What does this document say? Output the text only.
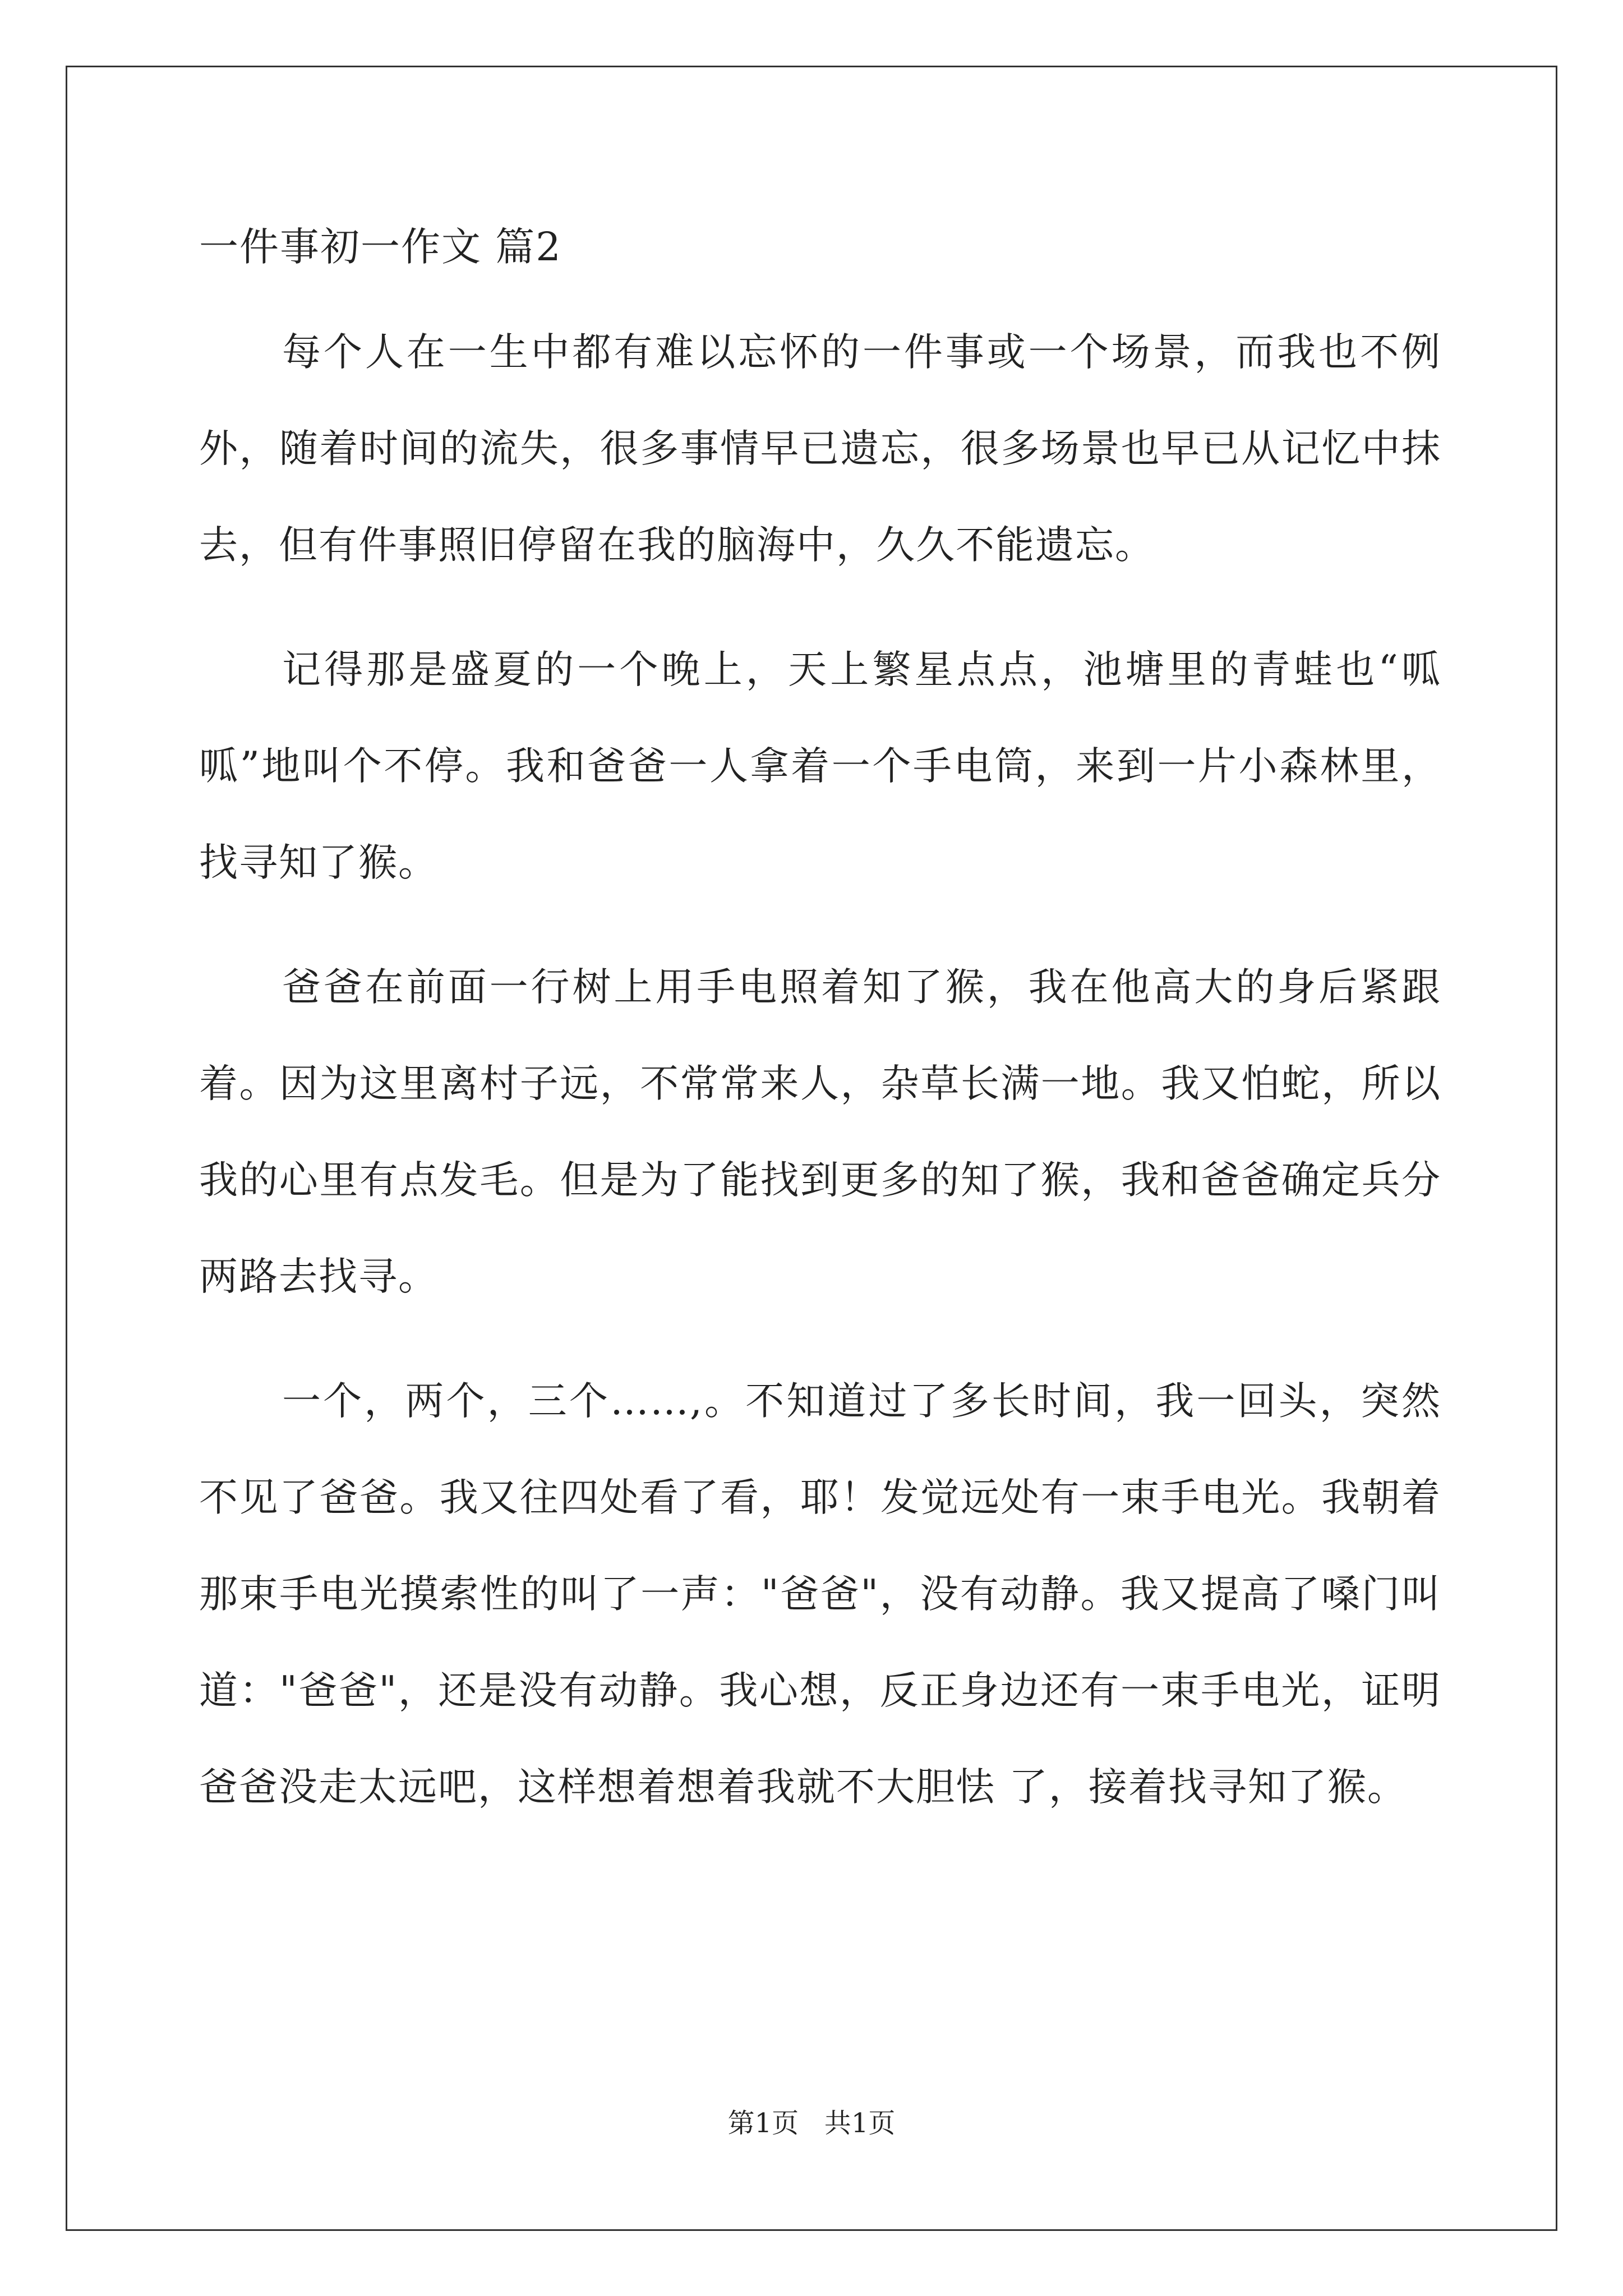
一件事初一作文 篇2

每个人在一生中都有难以忘怀的一件事或一个场景，而我也不例外，随着时间的流失，很多事情早已遗忘，很多场景也早已从记忆中抹去，但有件事照旧停留在我的脑海中，久久不能遗忘。

记得那是盛夏的一个晚上，天上繁星点点，池塘里的青蛙也“呱呱”地叫个不停。我和爸爸一人拿着一个手电筒，来到一片小森林里，找寻知了猴。

爸爸在前面一行树上用手电照着知了猴，我在他高大的身后紧跟着。因为这里离村子远，不常常来人，杂草长满一地。我又怕蛇，所以我的心里有点发毛。但是为了能找到更多的知了猴，我和爸爸确定兵分两路去找寻。

一个，两个，三个……,。不知道过了多长时间，我一回头，突然不见了爸爸。我又往四处看了看，耶！发觉远处有一束手电光。我朝着那束手电光摸索性的叫了一声："爸爸"，没有动静。我又提高了嗓门叫道："爸爸"，还是没有动静。我心想，反正身边还有一束手电光，证明爸爸没走太远吧，这样想着想着我就不大胆怯 了，接着找寻知了猴。

第1页   共1页
